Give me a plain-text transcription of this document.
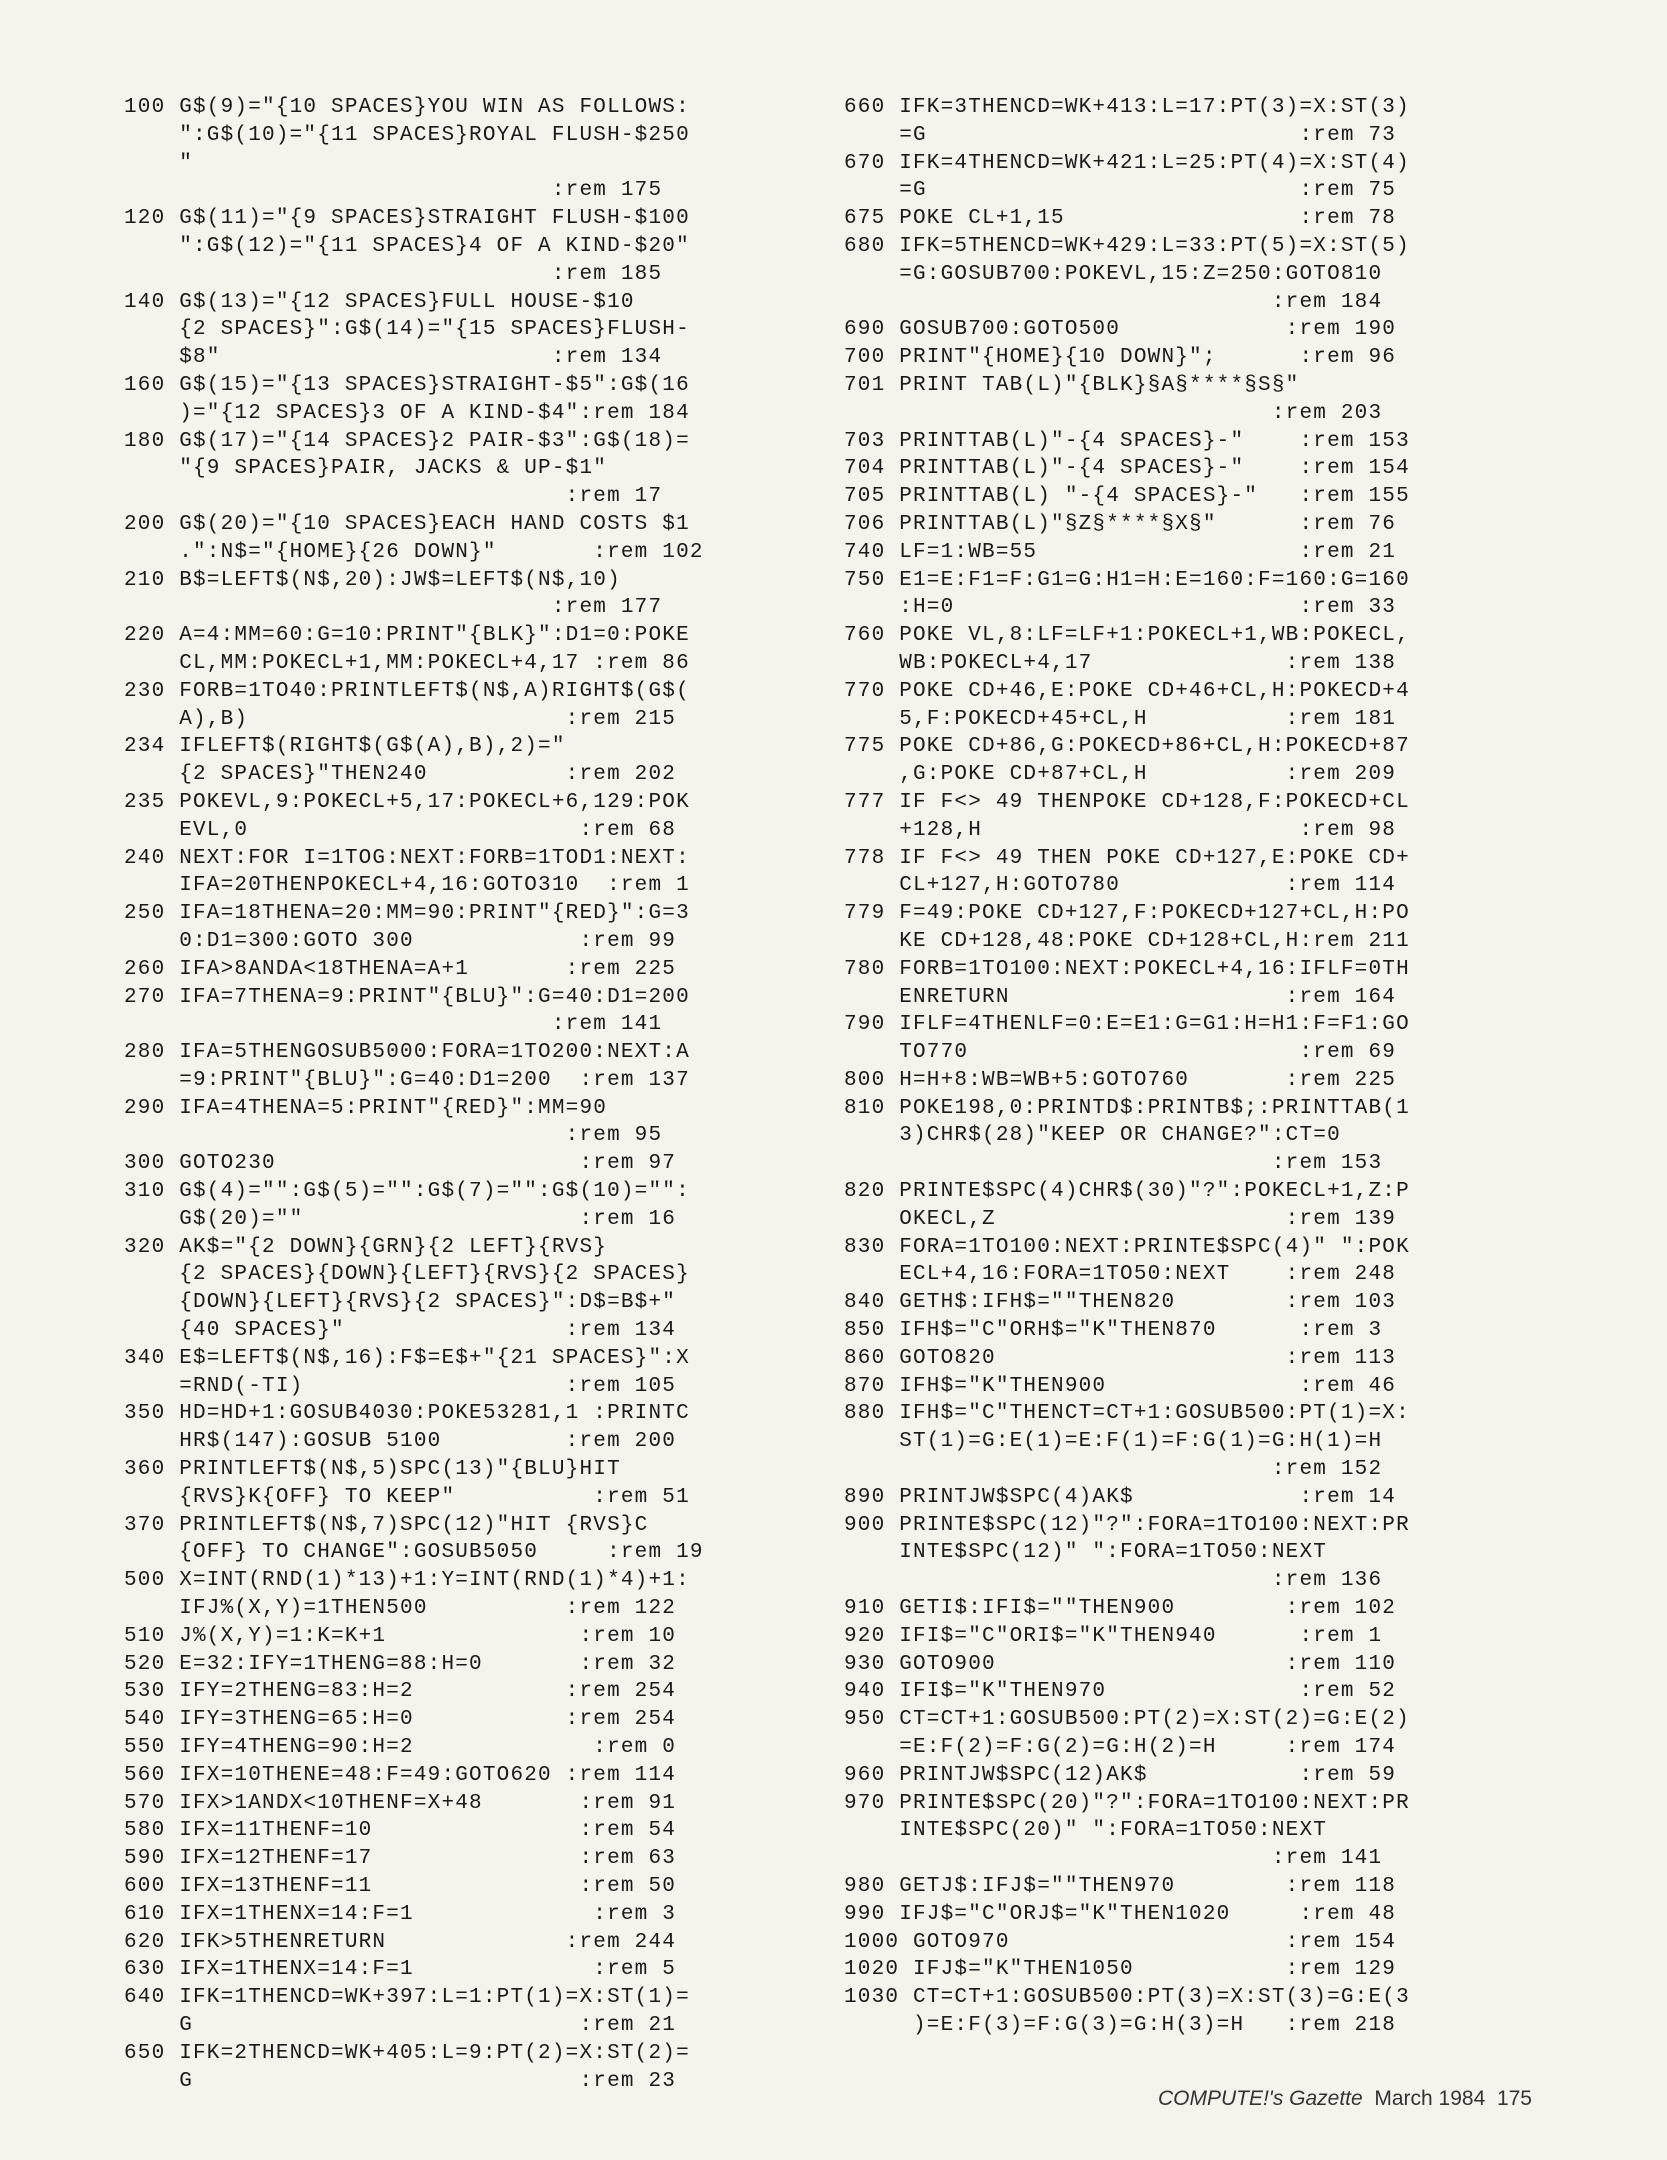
100 G$(9)="{10 SPACES}YOU WIN AS FOLLOWS:
":G$(10)="{11 SPACES}ROYAL FLUSH-$250
"
:rem 175
120 G$(11)="{9 SPACES}STRAIGHT FLUSH-$100
":G$(12)="{11 SPACES}4 OF A KIND-$20"
:rem 185
140 G$(13)="{12 SPACES}FULL HOUSE-$10
{2 SPACES}":G$(14)="{15 SPACES}FLUSH-
$8"                        :rem 134
160 G$(15)="{13 SPACES}STRAIGHT-$5":G$(16
)="{12 SPACES}3 OF A KIND-$4":rem 184
180 G$(17)="{14 SPACES}2 PAIR-$3":G$(18)=
"{9 SPACES}PAIR, JACKS & UP-$1"
:rem 17
200 G$(20)="{10 SPACES}EACH HAND COSTS $1
.":N$="{HOME}{26 DOWN}"       :rem 102
210 B$=LEFT$(N$,20):JW$=LEFT$(N$,10)
:rem 177
220 A=4:MM=60:G=10:PRINT"{BLK}":D1=0:POKE
CL,MM:POKECL+1,MM:POKECL+4,17 :rem 86
230 FORB=1TO40:PRINTLEFT$(N$,A)RIGHT$(G$(
A),B)                       :rem 215
234 IFLEFT$(RIGHT$(G$(A),B),2)="
{2 SPACES}"THEN240          :rem 202
235 POKEVL,9:POKECL+5,17:POKECL+6,129:POK
EVL,0                        :rem 68
240 NEXT:FOR I=1TOG:NEXT:FORB=1TOD1:NEXT:
IFA=20THENPOKECL+4,16:GOTO310  :rem 1
250 IFA=18THENA=20:MM=90:PRINT"{RED}":G=3
0:D1=300:GOTO 300            :rem 99
260 IFA>8ANDA<18THENA=A+1       :rem 225
270 IFA=7THENA=9:PRINT"{BLU}":G=40:D1=200
:rem 141
280 IFA=5THENGOSUB5000:FORA=1TO200:NEXT:A
=9:PRINT"{BLU}":G=40:D1=200  :rem 137
290 IFA=4THENA=5:PRINT"{RED}":MM=90
:rem 95
300 GOTO230                      :rem 97
310 G$(4)="":G$(5)="":G$(7)="":G$(10)="":
G$(20)=""                    :rem 16
320 AK$="{2 DOWN}{GRN}{2 LEFT}{RVS}
{2 SPACES}{DOWN}{LEFT}{RVS}{2 SPACES}
{DOWN}{LEFT}{RVS}{2 SPACES}":D$=B$+"
{40 SPACES}"                :rem 134
340 E$=LEFT$(N$,16):F$=E$+"{21 SPACES}":X
=RND(-TI)                   :rem 105
350 HD=HD+1:GOSUB4030:POKE53281,1 :PRINTC
HR$(147):GOSUB 5100         :rem 200
360 PRINTLEFT$(N$,5)SPC(13)"{BLU}HIT
{RVS}K{OFF} TO KEEP"          :rem 51
370 PRINTLEFT$(N$,7)SPC(12)"HIT {RVS}C
{OFF} TO CHANGE":GOSUB5050     :rem 19
500 X=INT(RND(1)*13)+1:Y=INT(RND(1)*4)+1:
IFJ%(X,Y)=1THEN500          :rem 122
510 J%(X,Y)=1:K=K+1              :rem 10
520 E=32:IFY=1THENG=88:H=0       :rem 32
530 IFY=2THENG=83:H=2           :rem 254
540 IFY=3THENG=65:H=0           :rem 254
550 IFY=4THENG=90:H=2             :rem 0
560 IFX=10THENE=48:F=49:GOTO620 :rem 114
570 IFX>1ANDX<10THENF=X+48       :rem 91
580 IFX=11THENF=10               :rem 54
590 IFX=12THENF=17               :rem 63
600 IFX=13THENF=11               :rem 50
610 IFX=1THENX=14:F=1             :rem 3
620 IFK>5THENRETURN             :rem 244
630 IFX=1THENX=14:F=1             :rem 5
640 IFK=1THENCD=WK+397:L=1:PT(1)=X:ST(1)=
G                            :rem 21
650 IFK=2THENCD=WK+405:L=9:PT(2)=X:ST(2)=
G                            :rem 23
660 IFK=3THENCD=WK+413:L=17:PT(3)=X:ST(3)
=G                           :rem 73
670 IFK=4THENCD=WK+421:L=25:PT(4)=X:ST(4)
=G                           :rem 75
675 POKE CL+1,15                 :rem 78
680 IFK=5THENCD=WK+429:L=33:PT(5)=X:ST(5)
=G:GOSUB700:POKEVL,15:Z=250:GOTO810
:rem 184
690 GOSUB700:GOTO500            :rem 190
700 PRINT"{HOME}{10 DOWN}";      :rem 96
701 PRINT TAB(L)"{BLK}§A§****§S§"
:rem 203
703 PRINTTAB(L)"-{4 SPACES}-"    :rem 153
704 PRINTTAB(L)"-{4 SPACES}-"    :rem 154
705 PRINTTAB(L) "-{4 SPACES}-"   :rem 155
706 PRINTTAB(L)"§Z§****§X§"      :rem 76
740 LF=1:WB=55                   :rem 21
750 E1=E:F1=F:G1=G:H1=H:E=160:F=160:G=160
:H=0                         :rem 33
760 POKE VL,8:LF=LF+1:POKECL+1,WB:POKECL,
WB:POKECL+4,17              :rem 138
770 POKE CD+46,E:POKE CD+46+CL,H:POKECD+4
5,F:POKECD+45+CL,H          :rem 181
775 POKE CD+86,G:POKECD+86+CL,H:POKECD+87
,G:POKE CD+87+CL,H          :rem 209
777 IF F<> 49 THENPOKE CD+128,F:POKECD+CL
+128,H                       :rem 98
778 IF F<> 49 THEN POKE CD+127,E:POKE CD+
CL+127,H:GOTO780            :rem 114
779 F=49:POKE CD+127,F:POKECD+127+CL,H:PO
KE CD+128,48:POKE CD+128+CL,H:rem 211
780 FORB=1TO100:NEXT:POKECL+4,16:IFLF=0TH
ENRETURN                    :rem 164
790 IFLF=4THENLF=0:E=E1:G=G1:H=H1:F=F1:GO
TO770                        :rem 69
800 H=H+8:WB=WB+5:GOTO760       :rem 225
810 POKE198,0:PRINTD$:PRINTB$;:PRINTTAB(1
3)CHR$(28)"KEEP OR CHANGE?":CT=0
:rem 153
820 PRINTE$SPC(4)CHR$(30)"?":POKECL+1,Z:P
OKECL,Z                     :rem 139
830 FORA=1TO100:NEXT:PRINTE$SPC(4)" ":POK
ECL+4,16:FORA=1TO50:NEXT    :rem 248
840 GETH$:IFH$=""THEN820        :rem 103
850 IFH$="C"ORH$="K"THEN870      :rem 3
860 GOTO820                     :rem 113
870 IFH$="K"THEN900              :rem 46
880 IFH$="C"THENCT=CT+1:GOSUB500:PT(1)=X:
ST(1)=G:E(1)=E:F(1)=F:G(1)=G:H(1)=H
:rem 152
890 PRINTJW$SPC(4)AK$            :rem 14
900 PRINTE$SPC(12)"?":FORA=1TO100:NEXT:PR
INTE$SPC(12)" ":FORA=1TO50:NEXT
:rem 136
910 GETI$:IFI$=""THEN900        :rem 102
920 IFI$="C"ORI$="K"THEN940      :rem 1
930 GOTO900                     :rem 110
940 IFI$="K"THEN970              :rem 52
950 CT=CT+1:GOSUB500:PT(2)=X:ST(2)=G:E(2)
=E:F(2)=F:G(2)=G:H(2)=H     :rem 174
960 PRINTJW$SPC(12)AK$           :rem 59
970 PRINTE$SPC(20)"?":FORA=1TO100:NEXT:PR
INTE$SPC(20)" ":FORA=1TO50:NEXT
:rem 141
980 GETJ$:IFJ$=""THEN970        :rem 118
990 IFJ$="C"ORJ$="K"THEN1020     :rem 48
1000 GOTO970                    :rem 154
1020 IFJ$="K"THEN1050           :rem 129
1030 CT=CT+1:GOSUB500:PT(3)=X:ST(3)=G:E(3
)=E:F(3)=F:G(3)=G:H(3)=H   :rem 218
COMPUTE!'s Gazette March 1984 175
